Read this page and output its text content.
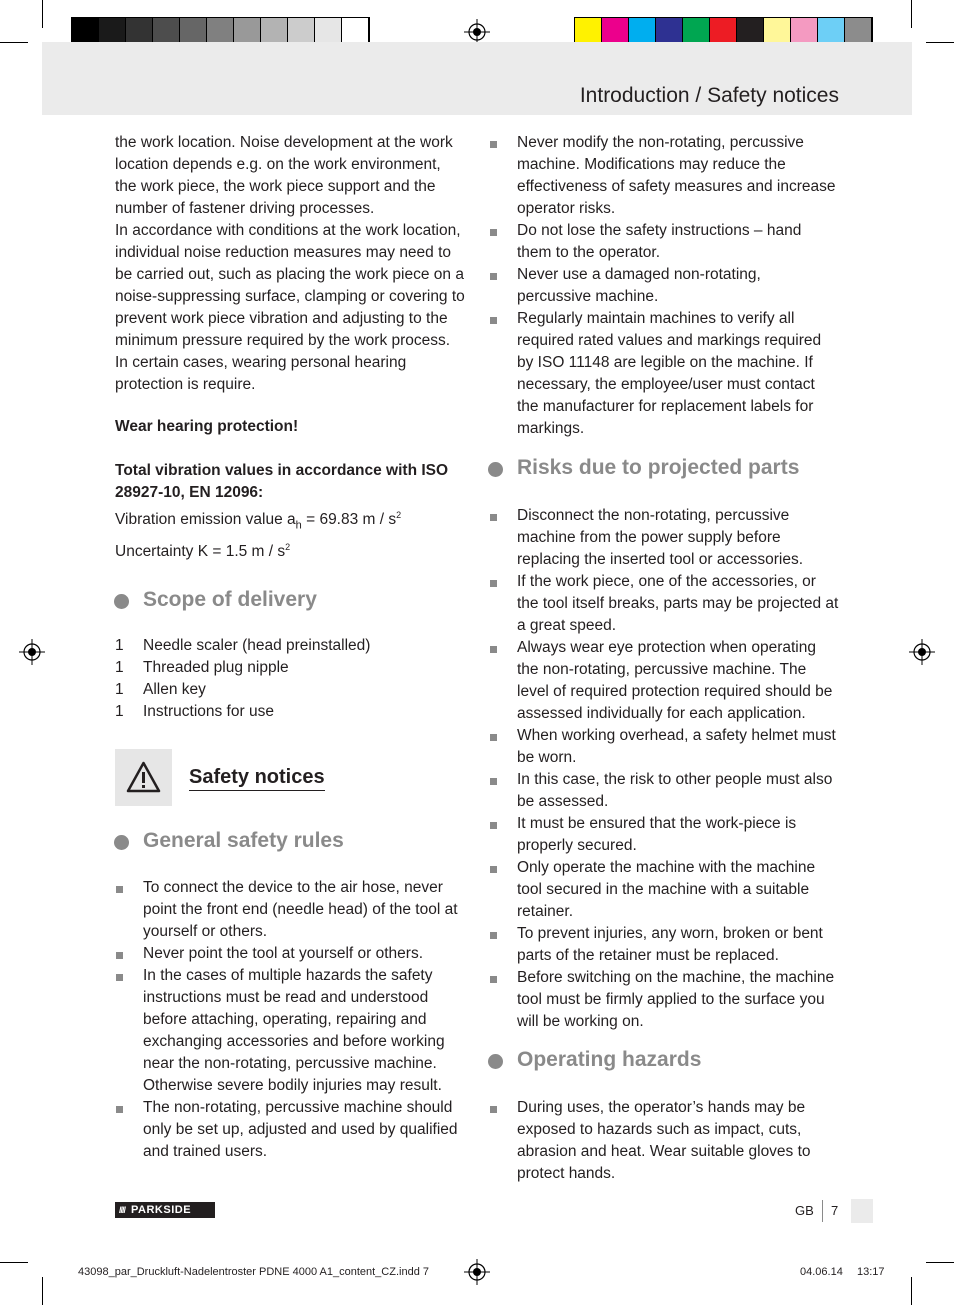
Introduction / Safety notices

the work location. Noise development at the work location depends e.g. on the work environment, the work piece, the work piece support and the number of fastener driving processes.

In accordance with conditions at the work location, individual noise reduction measures may need to be carried out, such as placing the work piece on a noise-suppressing surface, clamping or covering to prevent work piece vibration and adjusting to the minimum pressure required by the work process. In certain cases, wearing personal hearing protection is require.

Wear hearing protection!

Total vibration values in accordance with ISO 28927-10, EN 12096:

Vibration emission value $a_h = 69.83$ m / $s^2$

Uncertainty K = 1.5 m / $s^2$

Scope of delivery

1 Needle scaler (head preinstalled)

1 Threaded plug nipple

1 Allen key

1 Instructions for use

Safety notices
General safety rules

To connect the device to the air hose, never point the front end (needle head) of the tool at yourself or others.

Never point the tool at yourself or others.

In the cases of multiple hazards the safety instructions must be read and understood before attaching, operating, repairing and exchanging accessories and before working near the non-rotating, percussive machine. Otherwise severe bodily injuries may result.

The non-rotating, percussive machine should only be set up, adjusted and used by qualified and trained users.

Never modify the non-rotating, percussive machine. Modifications may reduce the effectiveness of safety measures and increase operator risks.

Do not lose the safety instructions – hand them to the operator.

Never use a damaged non-rotating, percussive machine.

Regularly maintain machines to verify all required rated values and markings required by ISO 11148 are legible on the machine. If necessary, the employee/user must contact the manufacturer for replacement labels for markings.

Risks due to projected parts

Disconnect the non-rotating, percussive machine from the power supply before replacing the inserted tool or accessories.

If the work piece, one of the accessories, or the tool itself breaks, parts may be projected at a great speed.

Always wear eye protection when operating the non-rotating, percussive machine. The level of required protection required should be assessed individually for each application.

When working overhead, a safety helmet must be worn.

In this case, the risk to other people must also be assessed.

It must be ensured that the work-piece is properly secured.

Only operate the machine with the machine tool secured in the machine with a suitable retainer.

To prevent injuries, any worn, broken or bent parts of the retainer must be replaced.

Before switching on the machine, the machine tool must be firmly applied to the surface you will be working on.

Operating hazards

During uses, the operator’s hands may be exposed to hazards such as impact, cuts, abrasion and heat. Wear suitable gloves to protect hands.

//// PARKSIDE	GB 7
43098_par_Druckluft-Nadelentroster PDNE 4000 A1_content_CZ.indd 7	04.06.14 13:17
